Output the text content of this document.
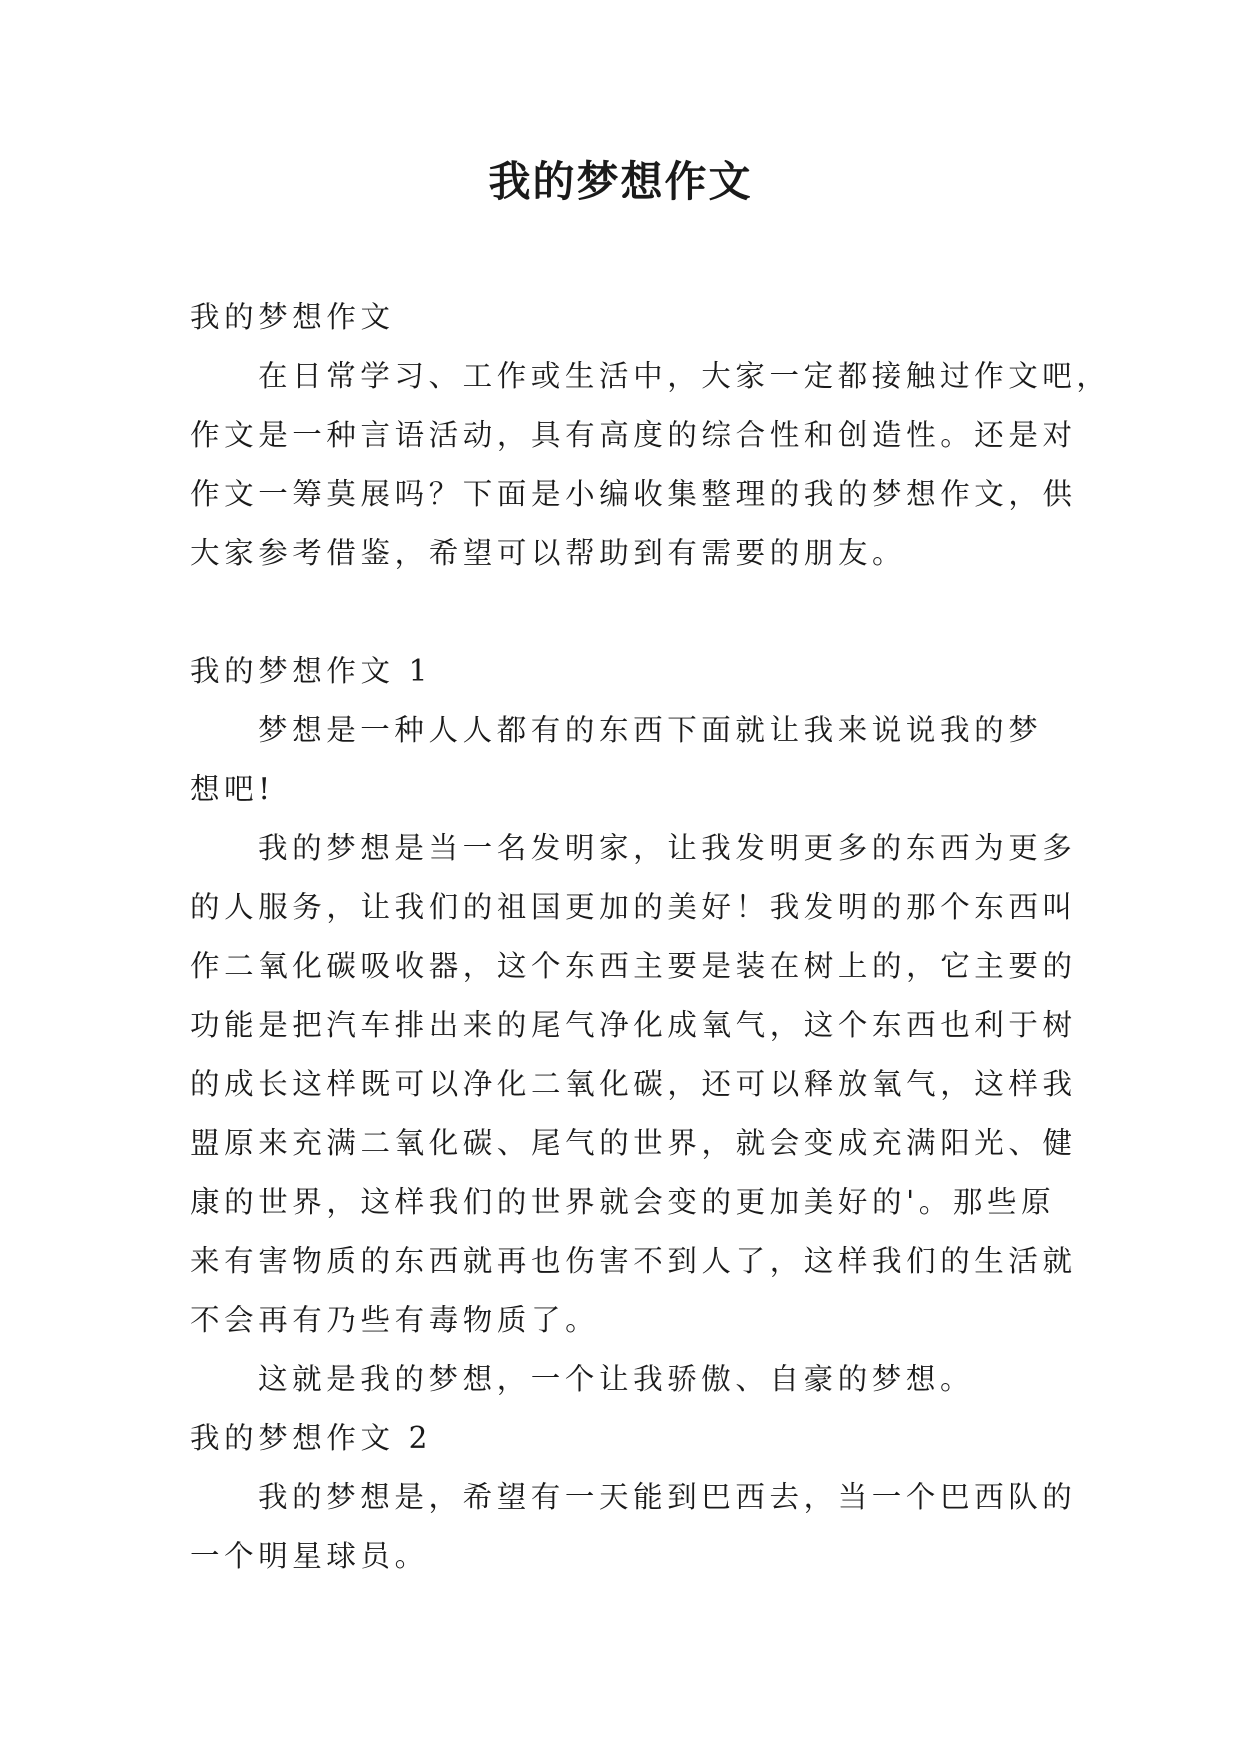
我的梦想作文
我的梦想作文
在日常学习、工作或生活中，大家一定都接触过作文吧，
作文是一种言语活动，具有高度的综合性和创造性。还是对
作文一筹莫展吗？下面是小编收集整理的我的梦想作文，供
大家参考借鉴，希望可以帮助到有需要的朋友。
我的梦想作文 1
梦想是一种人人都有的东西下面就让我来说说我的梦
想吧!
我的梦想是当一名发明家，让我发明更多的东西为更多
的人服务，让我们的祖国更加的美好！我发明的那个东西叫
作二氧化碳吸收器，这个东西主要是装在树上的，它主要的
功能是把汽车排出来的尾气净化成氧气，这个东西也利于树
的成长这样既可以净化二氧化碳，还可以释放氧气，这样我
盟原来充满二氧化碳、尾气的世界，就会变成充满阳光、健
康的世界，这样我们的世界就会变的更加美好的'。那些原
来有害物质的东西就再也伤害不到人了，这样我们的生活就
不会再有乃些有毒物质了。
这就是我的梦想，一个让我骄傲、自豪的梦想。
我的梦想作文 2
我的梦想是，希望有一天能到巴西去，当一个巴西队的
一个明星球员。
